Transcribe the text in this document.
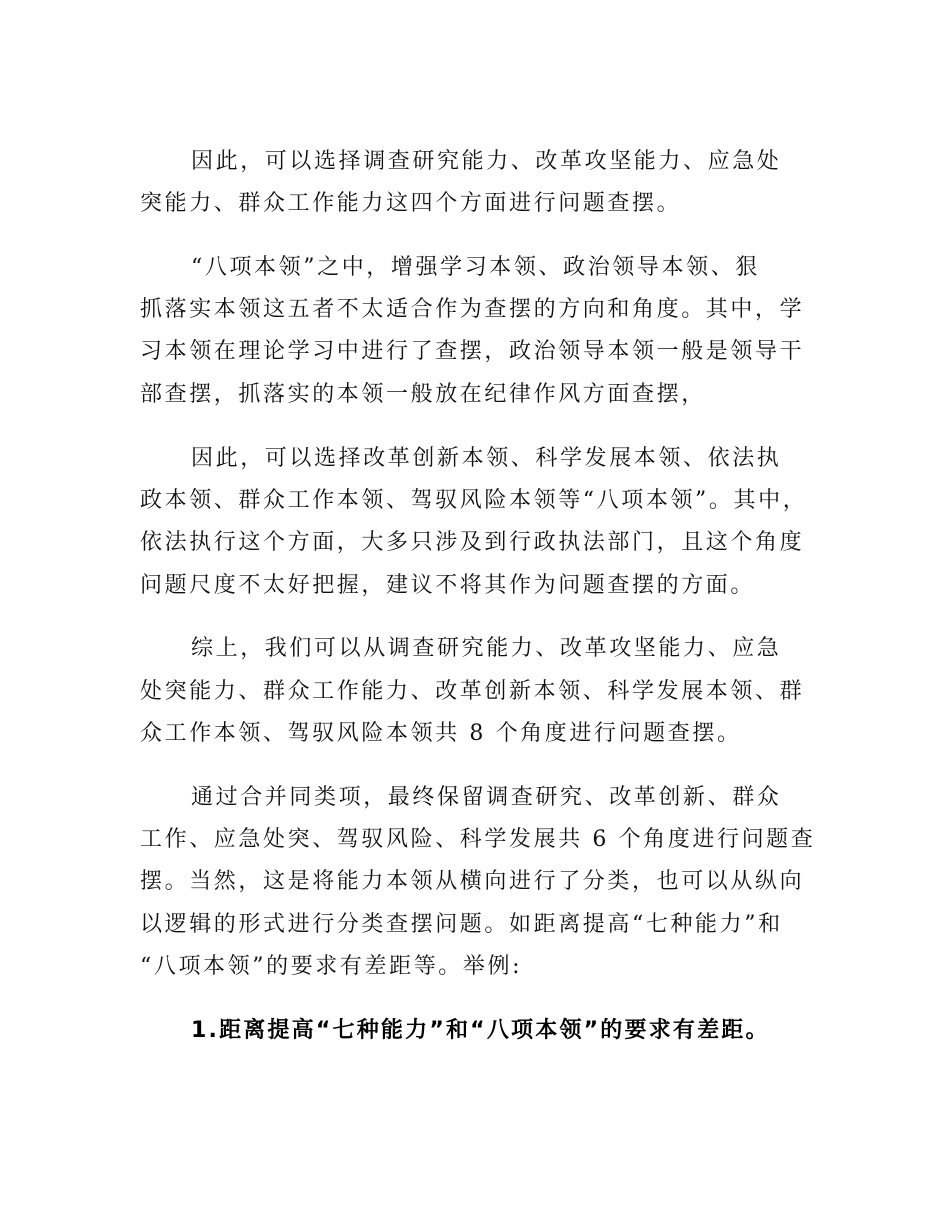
因此，可以选择调查研究能力、改革攻坚能力、应急处
突能力、群众工作能力这四个方面进行问题查摆。
“八项本领”之中，增强学习本领、政治领导本领、狠
抓落实本领这五者不太适合作为查摆的方向和角度。其中，学
习本领在理论学习中进行了查摆，政治领导本领一般是领导干
部查摆，抓落实的本领一般放在纪律作风方面查摆，
因此，可以选择改革创新本领、科学发展本领、依法执
政本领、群众工作本领、驾驭风险本领等“八项本领”。其中，
依法执行这个方面，大多只涉及到行政执法部门，且这个角度
问题尺度不太好把握，建议不将其作为问题查摆的方面。
综上，我们可以从调查研究能力、改革攻坚能力、应急
处突能力、群众工作能力、改革创新本领、科学发展本领、群
众工作本领、驾驭风险本领共 8 个角度进行问题查摆。
通过合并同类项，最终保留调查研究、改革创新、群众
工作、应急处突、驾驭风险、科学发展共 6 个角度进行问题查
摆。当然，这是将能力本领从横向进行了分类，也可以从纵向
以逻辑的形式进行分类查摆问题。如距离提高“七种能力”和
“八项本领”的要求有差距等。举例:
1.距离提高“七种能力”和“八项本领”的要求有差距。
